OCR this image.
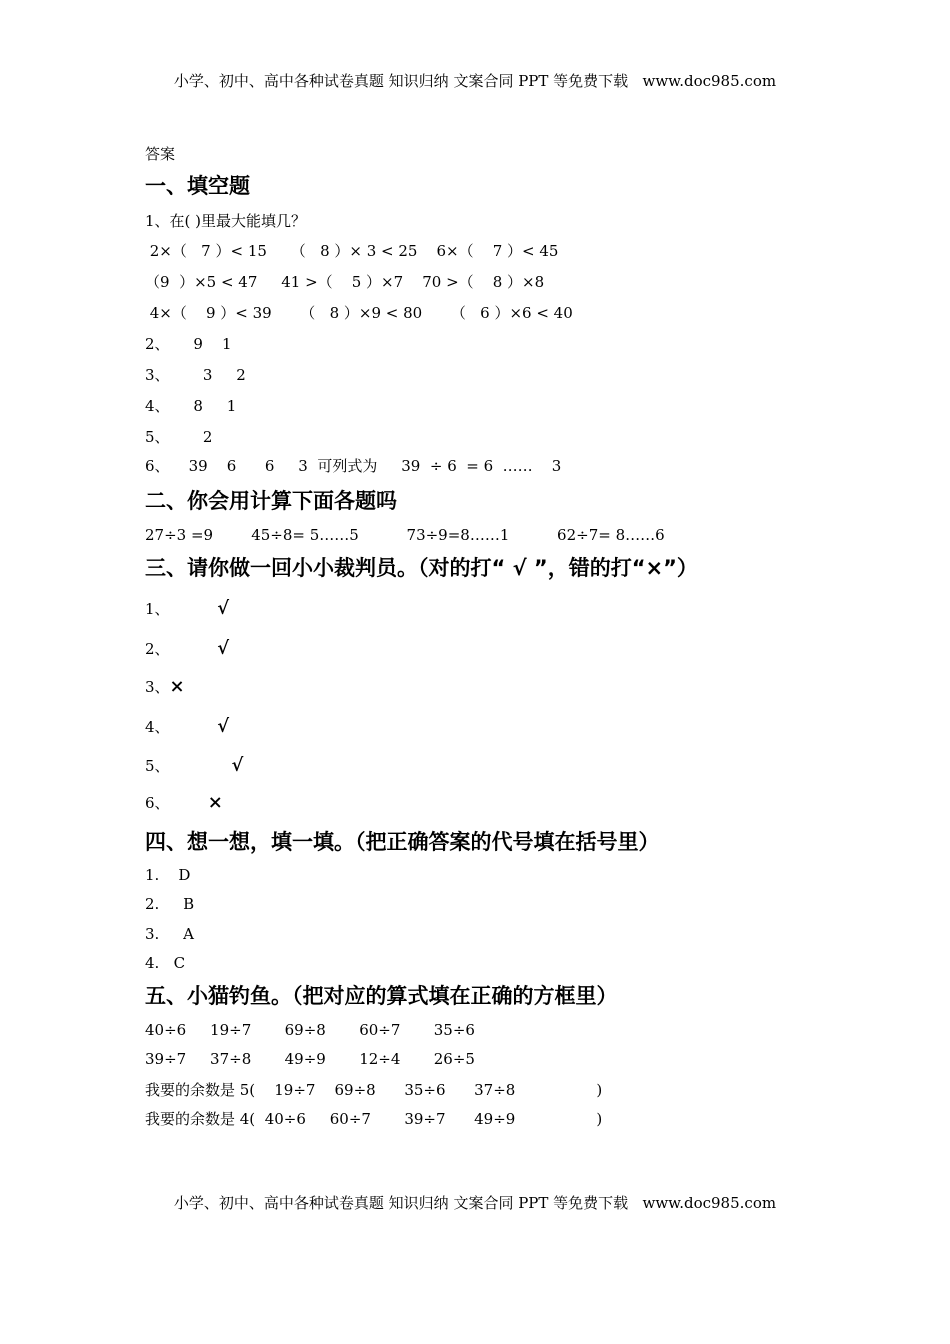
小学、初中、高中各种试卷真题 知识归纳 文案合同 PPT 等免费下载   www.doc985.com
答案
一、填空题
1、在( )里最大能填几？
2×（   7 ）< 15     （   8 ）× 3 < 25    6×（    7 ）< 45
（9  ）×5 < 47     41 >（    5 ）×7    70 >（    8 ）×8
4×（    9 ）< 39      （   8 ）×9 < 80      （   6 ）×6 < 40
2、     9    1
3、       3     2
4、     8     1
5、       2
6、    39    6      6     3  可列式为     39  ÷ 6  = 6  ……    3
二、你会用计算下面各题吗
27÷3 =9        45÷8= 5……5          73÷9=8……1          62÷7= 8……6
三、请你做一回小小裁判员。（对的打“ √ ”，错的打“×”）
1、	√
2、	√
3、×
4、	√
5、	√
6、 ×
四、想一想，填一填。（把正确答案的代号填在括号里）
1.    D
2.     B
3.     A
4.   C
五、小猫钓鱼。（把对应的算式填在正确的方框里）
40÷6     19÷7       69÷8       60÷7       35÷6
39÷7     37÷8       49÷9       12÷4       26÷5
我要的余数是 5(    19÷7    69÷8      35÷6      37÷8                 )
我要的余数是 4(  40÷6     60÷7       39÷7      49÷9                 )
小学、初中、高中各种试卷真题 知识归纳 文案合同 PPT 等免费下载   www.doc985.com
